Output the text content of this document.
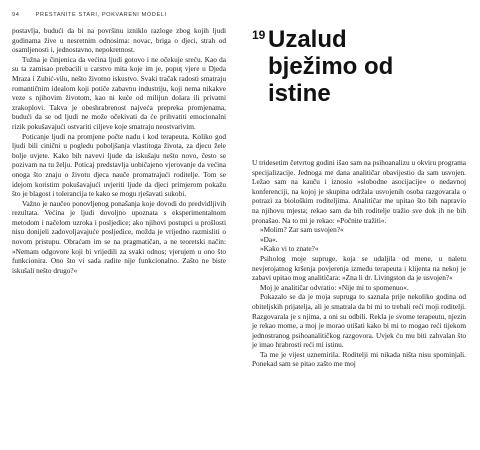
94	PRESTANITE STARI, POKVARENI MODELI

postavlja, budući da bi na površinu izniklo razloge zbog kojih ljudi godinama žive u nesretnim odnosima: novac, briga o djeci, strah od osamljenosti i, jednostavno, nepokretnost.

Tužna je činjenica da većina ljudi gotovo i ne očekuje sreću. Kao da su ta zamisao prebacili u carstvo mita koje im je, popuţ vjere u Djeda Mraza i Zubić-vilu, nešto životno iskustvo. Svaki tračak radosti smatraju romantičnim idealom koji potiče zabavnu industriju, koji nema nikakve veze s njihovim životom, kao ni kuće od milijun dolara ili privatni zrakoplovi. Takva je obeshrabrenost najveća prepreka promjenama, budući da se od ljudi ne može očekivati da će prihvatiti emocionalni rizik pokušavajući ostvariti ciljeve koje smatraju neostvarivim.

Poticanje ljudi na promjene počte nadu i kod terapeuta. Koliko god ljudi bili cinični u pogledu poboljšanja vlastitoga života, za djecu žele bolje uvjete. Kako bih navevi ljude da iskušaju nešto novo, često se pozivam na tu želju. Poticaj predstavlja uobičajeno vjerovanje da većina onoga što znaju o životu djeca nauče promatrajući roditelje. Tom se idejom koristim pokušavajući uvjeriti ljude da djeci primjerom pokažu što je blagost i tolerancija te kako se mogu rješavati sukobi.

Važno je naučeo ponovljenog ponašanja koje dovodi do predvidljivih rezultata. Većina je ljudi dovoljno upoznata s eksperimentalnom metodom i načelom uzroka i posljedice; ako njihovi postupci u prošlosti nisu donijeli zadovoljavajuće posljedice, možda je vrijedno razmisliti o novom pristupu. Obraćam im se na pragmatičan, a ne teoretski način: »Nemam odgovore koji bi vrijedili za svaki odnos; vjerujem u ono što funkcionira. Ono što vi sada radite nije funkcionalno. Zašto ne biste iskušali nešto drugo?«

19 Uzalud
bježimo od
istine

U tridesetim četvrtog godini išao sam na psihoanalizu u okviru programa specijalizacije. Jednoga me dana analitičar obavijestio da sam usvojen. Ležao sam na kauču i iznosio »slobodne asocijacije« o nedavnoj konferenciji, na kojoj je skupina održala usvojenih osoba razgovarala o potrazi za biološkim roditeljima. Analitičar me upitao što bih napravio na njihovu mjesta; rekao sam da bih roditelje tražio sve dok ih ne bih pronašao. Na to mi je rekao: »Počnite tražiti«.

»Molim? Zar sam usvojen?«

»Da«.

»Kako vi to znate?«

Psiholog moje supruge, koja se udaljila od mene, u naletu nevjerojatnog kršenja povjerenja između terapeuta i klijenta na nekoj je zabavi upitao mog analitičara: »Zna li dr. Livingston da je usvojen?«

Moj je analitičar odvratio: »Nije mi to spomenuo«.

Pokazalo se da je moja supruga to saznala prije nekoliko godina od obiteljskih prijatelja, ali je smatrala da bi mi to trebali reći moji roditelji. Razgovarala je s njima, a oni su odbili. Rekla je svome terapeutu, njezin je rekao mome, a moj je morao utišati kako bi mi to mogao reći tijekom jednostranog psihoanalitičkog razgovora. Uvjek ću mu biti zahvalan što je imao hrabrosti reći mi istinu.

Ta me je vijest uznemirila. Roditelji mi nikada ništa nisu spominjali. Ponekad sam se pitao zašto me moj
